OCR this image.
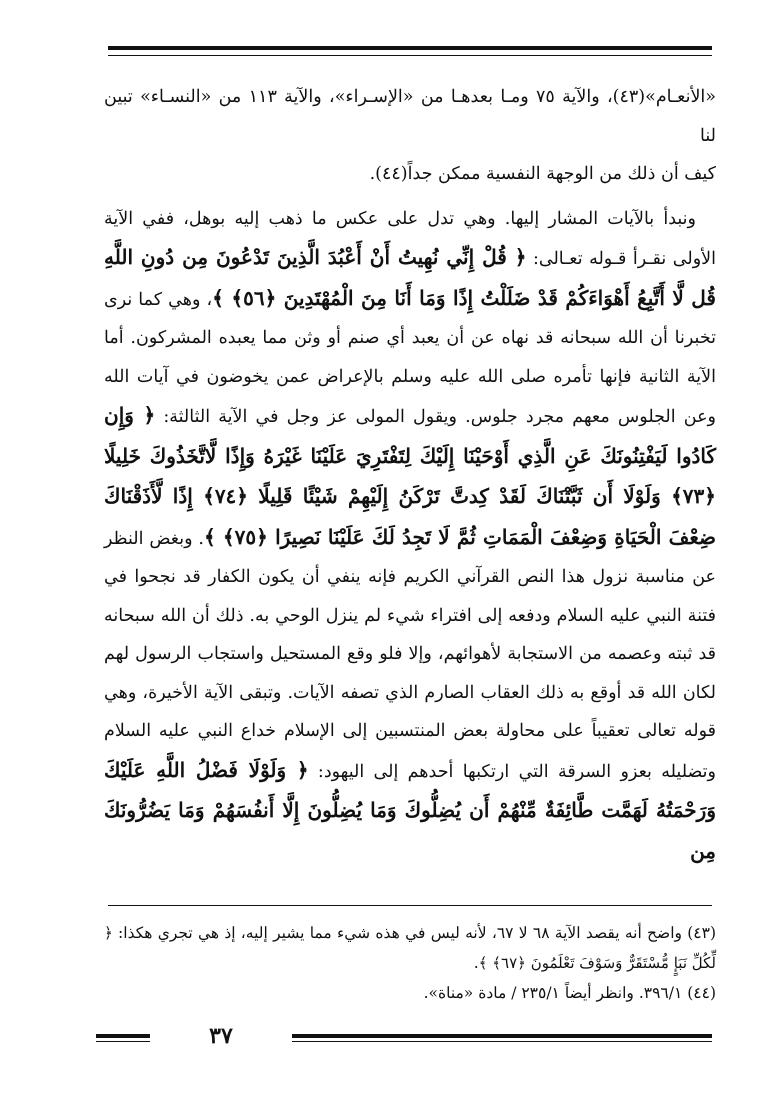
«الأنعـام»(٤٣)، والآية ٧٥ ومـا بعدهـا من «الإسـراء»، والآية ١١٣ من «النسـاء» تبين لنا
كيف أن ذلك من الوجهة النفسية ممكن جداً(٤٤).

ونبدأ بالآيات المشار إليها. وهي تدل على عكس ما ذهب إليه بوهل، ففي الآية الأولى نقـرأ قـوله تعـالى: ﴿ قُلْ إِنِّي نُهِيتُ أَنْ أَعْبُدَ الَّذِينَ تَدْعُونَ مِن دُونِ اللَّهِ قُل لَّا أَتَّبِعُ أَهْوَاءَكُمْ قَدْ ضَلَلْتُ إِذًا وَمَا أَنَا مِنَ الْمُهْتَدِينَ ﴿٥٦﴾ ﴾، وهي كما نرى تخبرنا أن الله سبحانه قد نهاه عن أن يعبد أي صنم أو وثن مما يعبده المشركون. أما الآية الثانية فإنها تأمره صلى الله عليه وسلم بالإعراض عمن يخوضون في آيات الله وعن الجلوس معهم مجرد جلوس. ويقول المولى عز وجل في الآية الثالثة: ﴿ وَإِن كَادُوا لَيَفْتِنُونَكَ عَنِ الَّذِي أَوْحَيْنَا إِلَيْكَ لِتَفْتَرِيَ عَلَيْنَا غَيْرَهُ وَإِذًا لَّاتَّخَذُوكَ خَلِيلًا ﴿٧٣﴾ وَلَوْلَا أَن ثَبَّتْنَاكَ لَقَدْ كِدتَّ تَرْكَنُ إِلَيْهِمْ شَيْئًا قَلِيلًا ﴿٧٤﴾ إِذًا لَّأَذَقْنَاكَ ضِعْفَ الْحَيَاةِ وَضِعْفَ الْمَمَاتِ ثُمَّ لَا تَجِدُ لَكَ عَلَيْنَا نَصِيرًا ﴿٧٥﴾ ﴾. وبغض النظر عن مناسبة نزول هذا النص القرآني الكريم فإنه ينفي أن يكون الكفار قد نجحوا في فتنة النبي عليه السلام ودفعه إلى افتراء شيء لم ينزل الوحي به. ذلك أن الله سبحانه قد ثبته وعصمه من الاستجابة لأهوائهم، وإلا فلو وقع المستحيل واستجاب الرسول لهم لكان الله قد أوقع به ذلك العقاب الصارم الذي تصفه الآيات. وتبقى الآية الأخيرة، وهي قوله تعالى تعقيباً على محاولة بعض المنتسبين إلى الإسلام خداع النبي عليه السلام وتضليله بعزو السرقة التي ارتكبها أحدهم إلى اليهود: ﴿ وَلَوْلَا فَضْلُ اللَّهِ عَلَيْكَ وَرَحْمَتُهُ لَهَمَّت طَّائِفَةٌ مِّنْهُمْ أَن يُضِلُّوكَ وَمَا يُضِلُّونَ إِلَّا أَنفُسَهُمْ وَمَا يَضُرُّونَكَ مِن

(٤٣) واضح أنه يقصد الآية ٦٨ لا ٦٧، لأنه ليس في هذه شيء مما يشير إليه، إذ هي تجري هكذا: ﴿ لِّكُلِّ نَبَإٍ مُّسْتَقَرٌّ وَسَوْفَ تَعْلَمُونَ ﴿٦٧﴾ ﴾.

(٤٤) ٣٩٦/١. وانظر أيضاً ٢٣٥/١ / مادة «مناة».

٣٧
